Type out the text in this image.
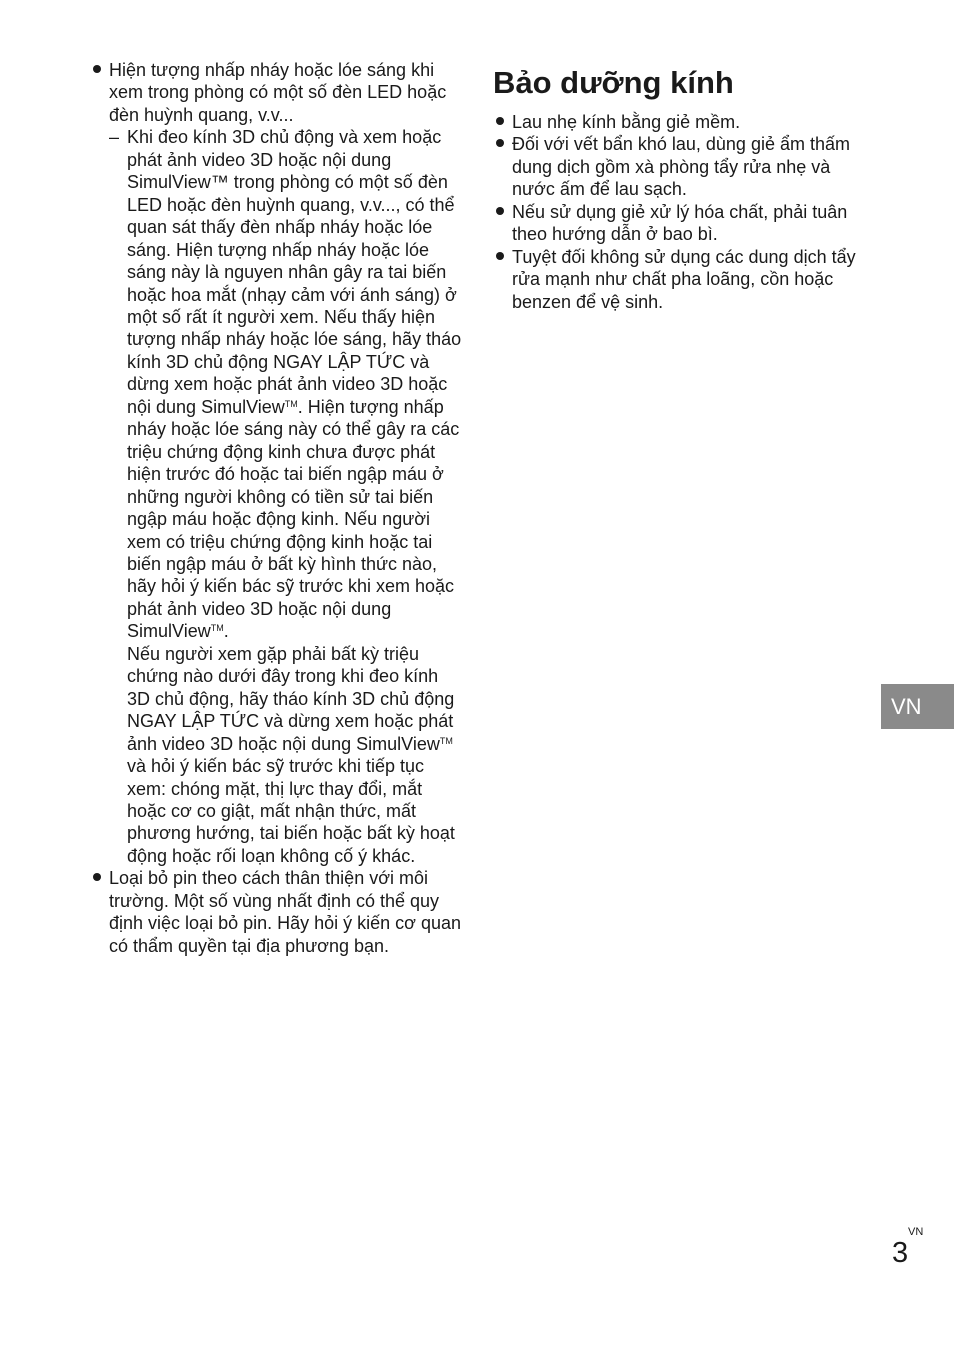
Hiện tượng nhấp nháy hoặc lóe sáng khi xem trong phòng có một số đèn LED hoặc đèn huỳnh quang, v.v...
– Khi đeo kính 3D chủ động và xem hoặc phát ảnh video 3D hoặc nội dung SimulView™ trong phòng có một số đèn LED hoặc đèn huỳnh quang, v.v..., có thể quan sát thấy đèn nhấp nháy hoặc lóe sáng. Hiện tượng nhấp nháy hoặc lóe sáng này là nguyen nhân gây ra tai biến hoặc hoa mắt (nhạy cảm với ánh sáng) ở một số rất ít người xem. Nếu thấy hiện tượng nhấp nháy hoặc lóe sáng, hãy tháo kính 3D chủ động NGAY LẬP TỨC và dừng xem hoặc phát ảnh video 3D hoặc nội dung SimulView™. Hiện tượng nhấp nháy hoặc lóe sáng này có thể gây ra các triệu chứng động kinh chưa được phát hiện trước đó hoặc tai biến ngập máu ở những người không có tiền sử tai biến ngập máu hoặc động kinh. Nếu người xem có triệu chứng động kinh hoặc tai biến ngập máu ở bất kỳ hình thức nào, hãy hỏi ý kiến bác sỹ trước khi xem hoặc phát ảnh video 3D hoặc nội dung SimulView™.
Nếu người xem gặp phải bất kỳ triệu chứng nào dưới đây trong khi đeo kính 3D chủ động, hãy tháo kính 3D chủ động NGAY LẬP TỨC và dừng xem hoặc phát ảnh video 3D hoặc nội dung SimulView™ và hỏi ý kiến bác sỹ trước khi tiếp tục xem: chóng mặt, thị lực thay đổi, mắt hoặc cơ co giật, mất nhận thức, mất phương hướng, tai biến hoặc bất kỳ hoạt động hoặc rối loạn không cố ý khác.
Loại bỏ pin theo cách thân thiện với môi trường. Một số vùng nhất định có thể quy định việc loại bỏ pin. Hãy hỏi ý kiến cơ quan có thẩm quyền tại địa phương bạn.
Bảo dưỡng kính
Lau nhẹ kính bằng giẻ mềm.
Đối với vết bẩn khó lau, dùng giẻ ẩm thấm dung dịch gồm xà phòng tẩy rửa nhẹ và nước ấm để lau sạch.
Nếu sử dụng giẻ xử lý hóa chất, phải tuân theo hướng dẫn ở bao bì.
Tuyệt đối không sử dụng các dung dịch tẩy rửa mạnh như chất pha loãng, cồn hoặc benzen để vệ sinh.
VN
VN
3
